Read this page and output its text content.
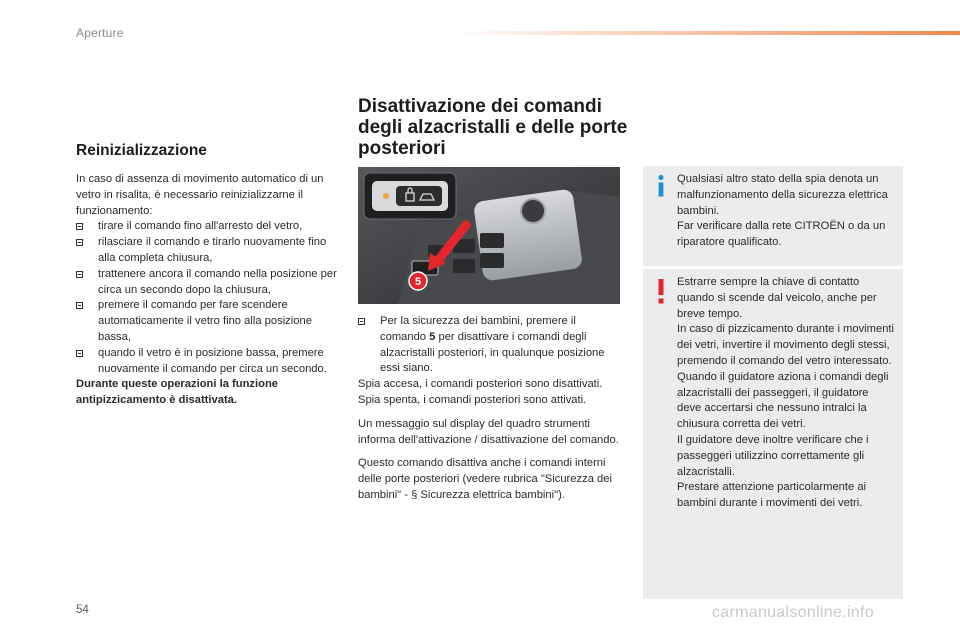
Aperture
Reinizializzazione

In caso di assenza di movimento automatico di un vetro in risalita, è necessario reinizializzarne il funzionamento:

tirare il comando fino all'arresto del vetro,
rilasciare il comando e tirarlo nuovamente fino alla completa chiusura,
trattenere ancora il comando nella posizione per circa un secondo dopo la chiusura,
premere il comando per fare scendere automaticamente il vetro fino alla posizione bassa,
quando il vetro è in posizione bassa, premere nuovamente il comando per circa un secondo.

Durante queste operazioni la funzione antipizzicamento è disattivata.

Disattivazione dei comandi degli alzacristalli e delle porte posteriori
5
Per la sicurezza dei bambini, premere il comando 5 per disattivare i comandi degli alzacristalli posteriori, in qualunque posizione essi siano.

Spia accesa, i comandi posteriori sono disattivati.

Spia spenta, i comandi posteriori sono attivati.

Un messaggio sul display del quadro strumenti informa dell'attivazione / disattivazione del comando.

Questo comando disattiva anche i comandi interni delle porte posteriori (vedere rubrica "Sicurezza dei bambini" - § Sicurezza elettrica bambini").

Qualsiasi altro stato della spia denota un malfunzionamento della sicurezza elettrica bambini.

Far verificare dalla rete CITROËN o da un riparatore qualificato.

Estrarre sempre la chiave di contatto quando si scende dal veicolo, anche per breve tempo.

In caso di pizzicamento durante i movimenti dei vetri, invertire il movimento degli stessi, premendo il comando del vetro interessato.

Quando il guidatore aziona i comandi degli alzacristalli dei passeggeri, il guidatore deve accertarsi che nessuno intralci la chiusura corretta dei vetri.

Il guidatore deve inoltre verificare che i passeggeri utilizzino correttamente gli alzacristalli.

Prestare attenzione particolarmente ai bambini durante i movimenti dei vetri.

54	carmanualsonline.info
